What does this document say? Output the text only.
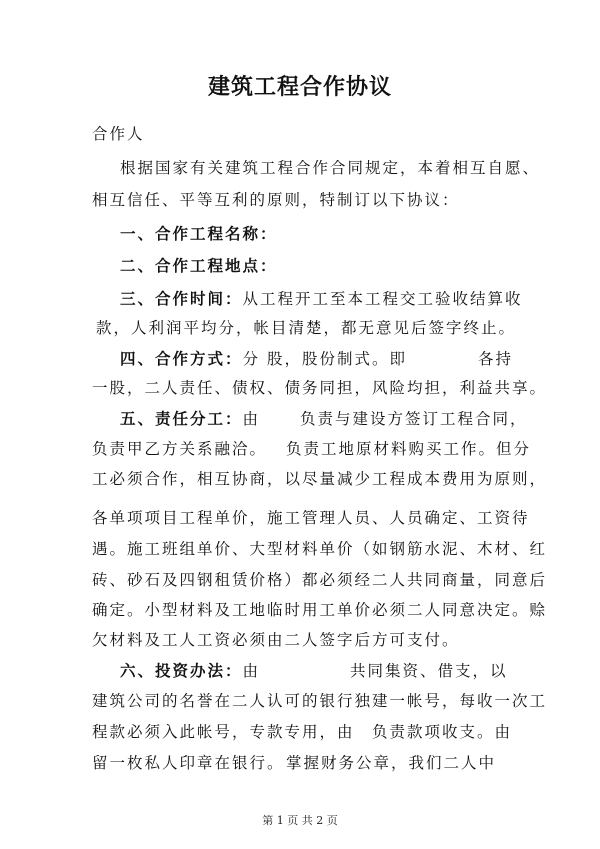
建筑工程合作协议
合作人
根据国家有关建筑工程合作合同规定，本着相互自愿、
相互信任、平等互利的原则，特制订以下协议：
一、合作工程名称：
二、合作工程地点：
三、合作时间：从工程开工至本工程交工验收结算收
款，人利润平均分，帐目清楚，都无意见后签字终止。
四、合作方式：分 股，股份制式。即	各持
一股，二人责任、债权、债务同担，风险均担，利益共享。
五、责任分工：由	负责与建设方签订工程合同，
负责甲乙方关系融洽。 负责工地原材料购买工作。但分
工必须合作，相互协商，以尽量减少工程成本费用为原则，
各单项项目工程单价，施工管理人员、人员确定、工资待
遇。施工班组单价、大型材料单价（如钢筋水泥、木材、红
砖、砂石及四钢租赁价格）都必须经二人共同商量，同意后
确定。小型材料及工地临时用工单价必须二人同意决定。赊
欠材料及工人工资必须由二人签字后方可支付。
六、投资办法：由	共同集资、借支，以
建筑公司的名誉在二人认可的银行独建一帐号，每收一次工
程款必须入此帐号，专款专用，由 负责款项收支。由
留一枚私人印章在银行。 掌握财务公章，我们二人中
第 1 页 共 2 页
